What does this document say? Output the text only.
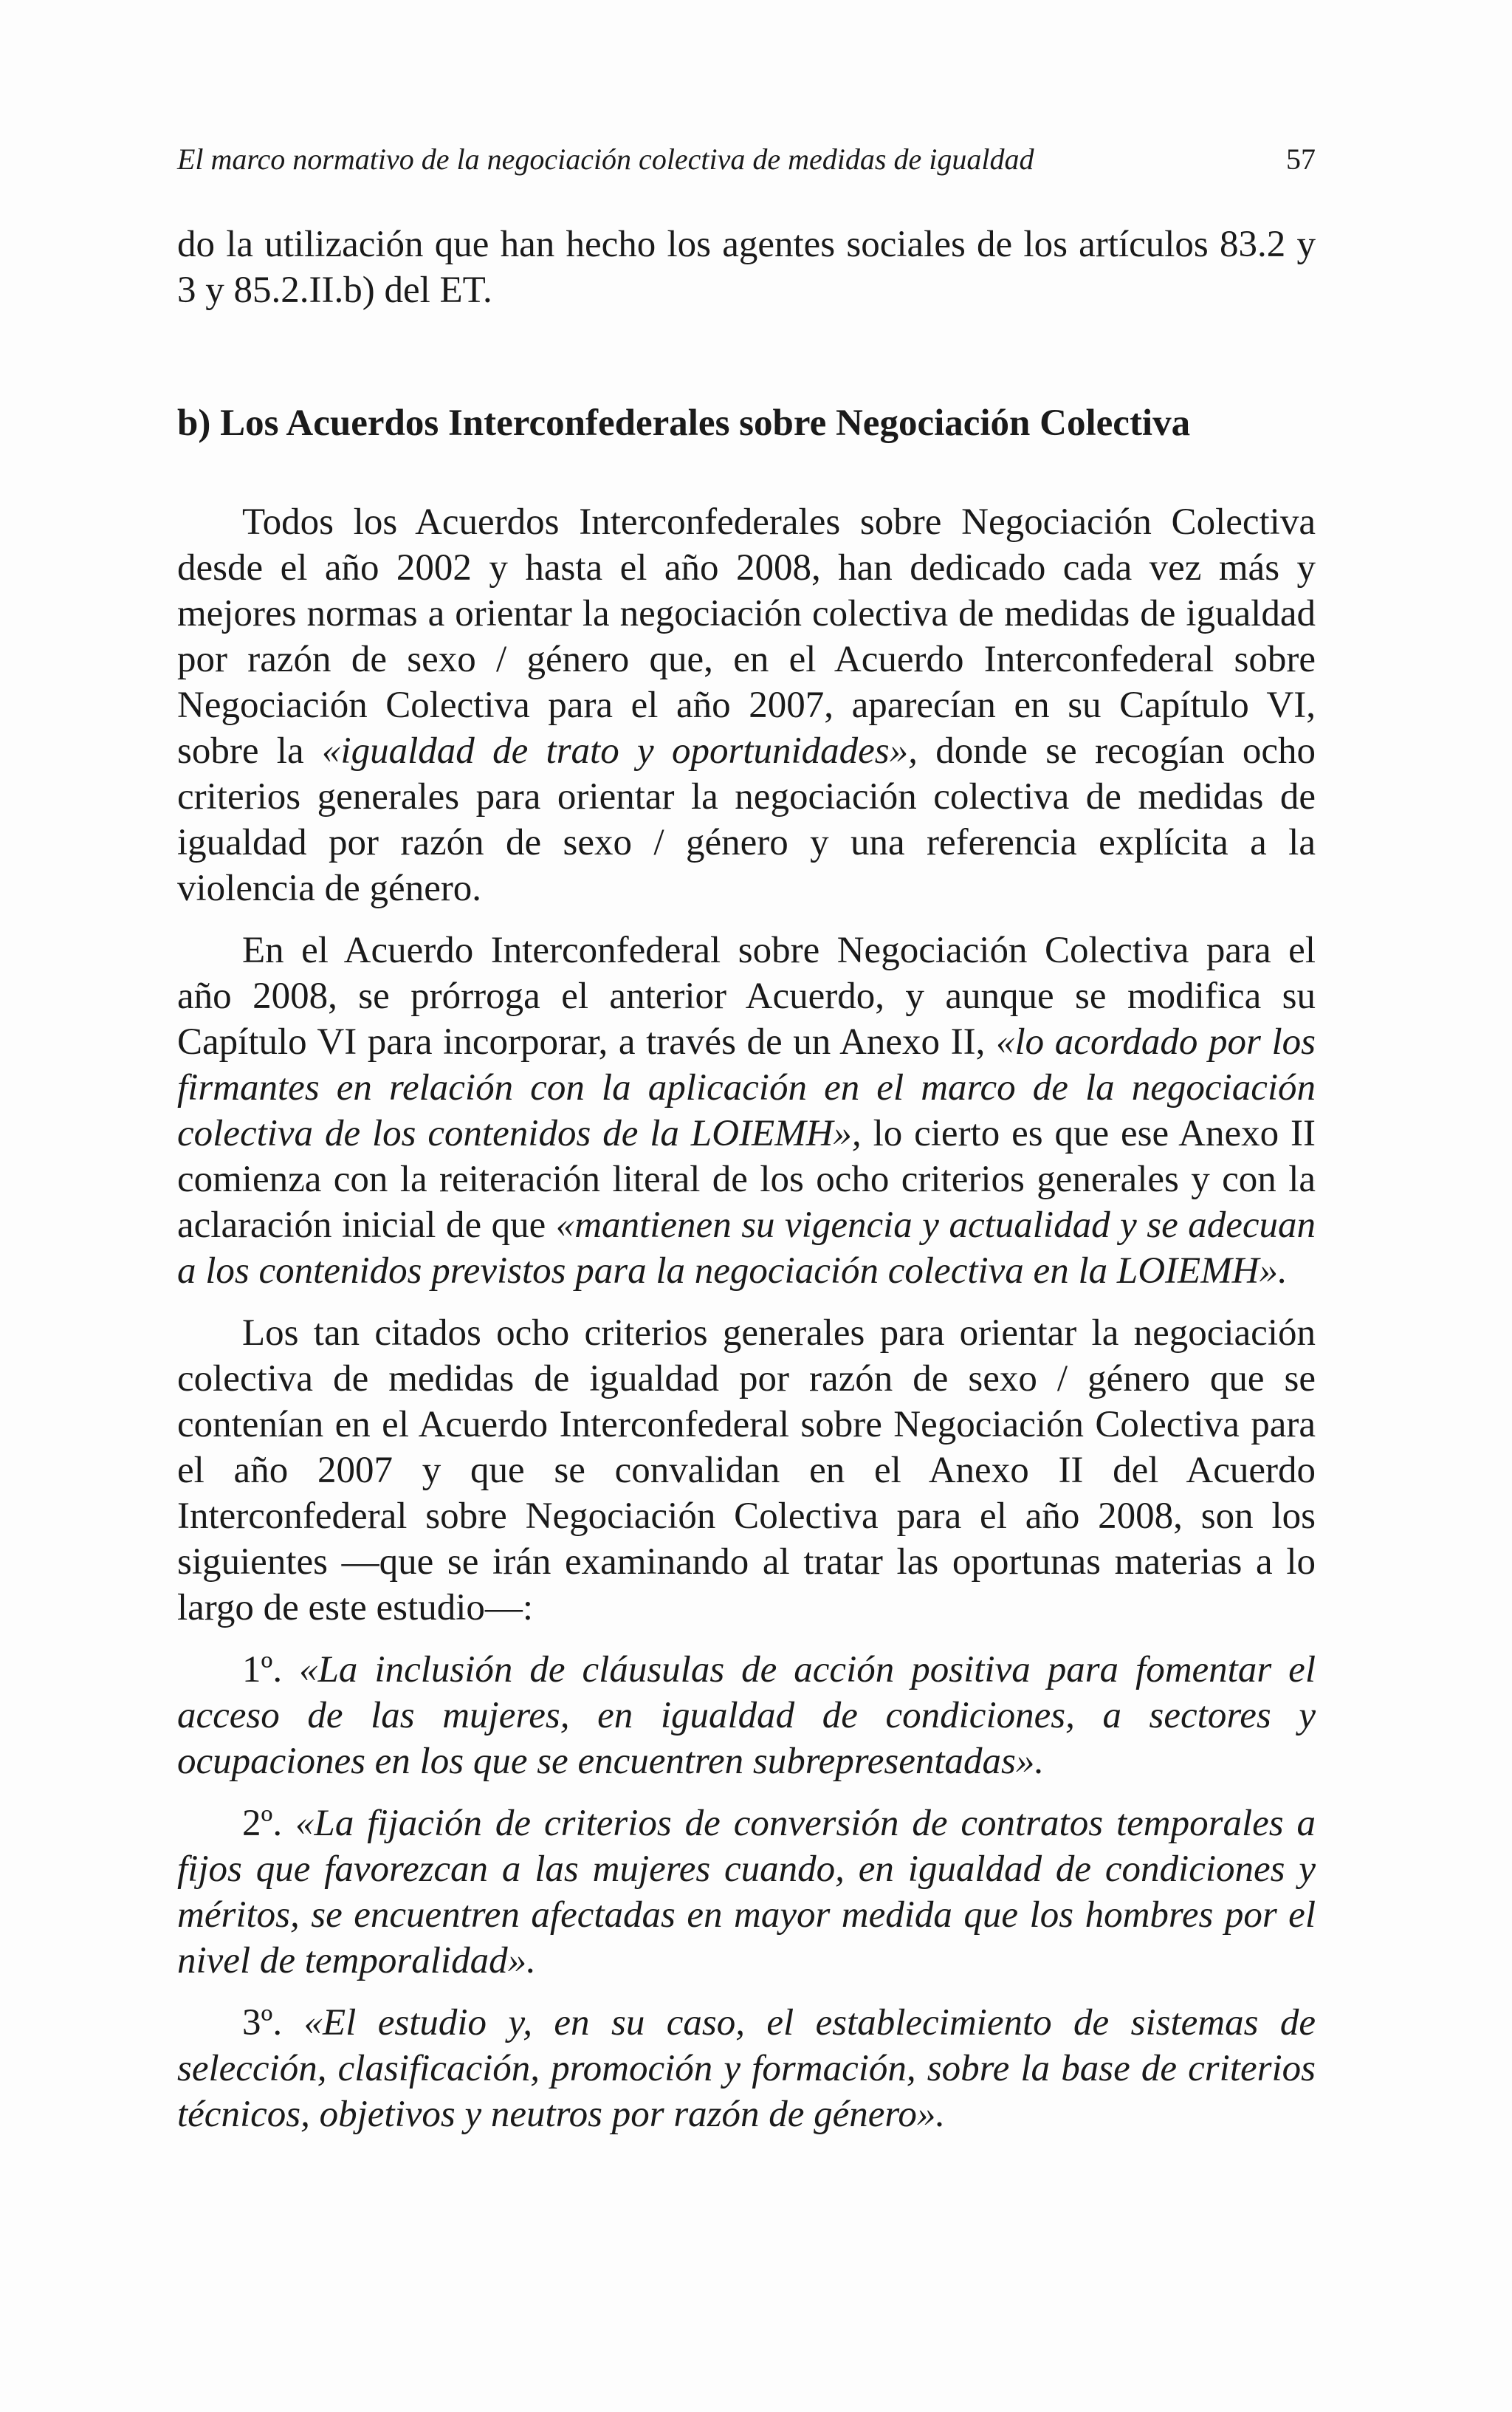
El marco normativo de la negociación colectiva de medidas de igualdad	57

do la utilización que han hecho los agentes sociales de los artículos 83.2 y 3 y 85.2.II.b) del ET.

b) Los Acuerdos Interconfederales sobre Negociación Colectiva

Todos los Acuerdos Interconfederales sobre Negociación Colectiva desde el año 2002 y hasta el año 2008, han dedicado cada vez más y mejores normas a orientar la negociación colectiva de medidas de igualdad por razón de sexo / género que, en el Acuerdo Interconfederal sobre Negociación Colectiva para el año 2007, aparecían en su Capítulo VI, sobre la «igualdad de trato y oportunidades», donde se recogían ocho criterios generales para orientar la negociación colectiva de medidas de igualdad por razón de sexo / género y una referencia explícita a la violencia de género.

En el Acuerdo Interconfederal sobre Negociación Colectiva para el año 2008, se prórroga el anterior Acuerdo, y aunque se modifica su Capítulo VI para incorporar, a través de un Anexo II, «lo acordado por los firmantes en relación con la aplicación en el marco de la negociación colectiva de los contenidos de la LOIEMH», lo cierto es que ese Anexo II comienza con la reiteración literal de los ocho criterios generales y con la aclaración inicial de que «mantienen su vigencia y actualidad y se adecuan a los contenidos previstos para la negociación colectiva en la LOIEMH».

Los tan citados ocho criterios generales para orientar la negociación colectiva de medidas de igualdad por razón de sexo / género que se contenían en el Acuerdo Interconfederal sobre Negociación Colectiva para el año 2007 y que se convalidan en el Anexo II del Acuerdo Interconfederal sobre Negociación Colectiva para el año 2008, son los siguientes —que se irán examinando al tratar las oportunas materias a lo largo de este estudio—:

1º. «La inclusión de cláusulas de acción positiva para fomentar el acceso de las mujeres, en igualdad de condiciones, a sectores y ocupaciones en los que se encuentren subrepresentadas».

2º. «La fijación de criterios de conversión de contratos temporales a fijos que favorezcan a las mujeres cuando, en igualdad de condiciones y méritos, se encuentren afectadas en mayor medida que los hombres por el nivel de temporalidad».

3º. «El estudio y, en su caso, el establecimiento de sistemas de selección, clasificación, promoción y formación, sobre la base de criterios técnicos, objetivos y neutros por razón de género».
